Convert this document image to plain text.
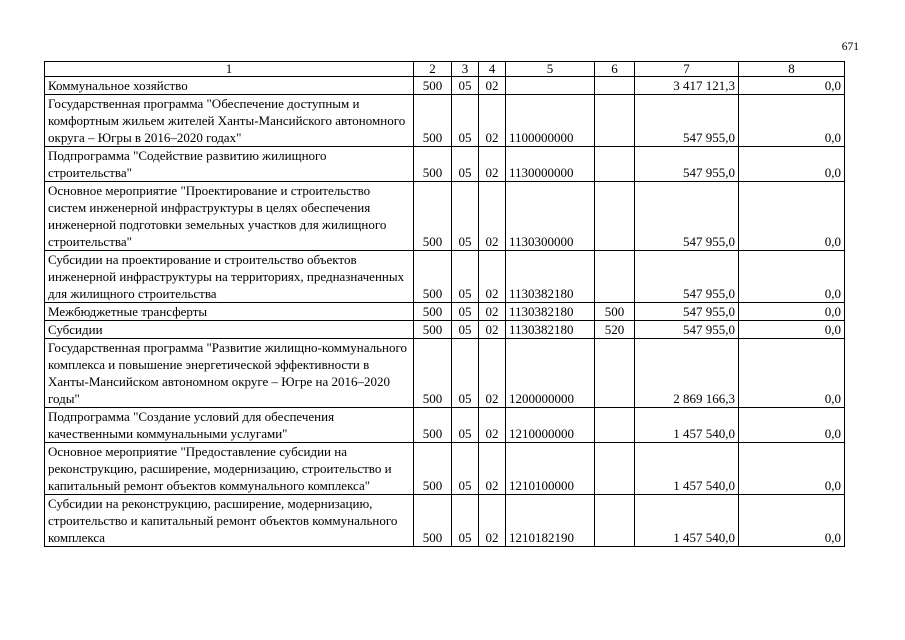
671
1	2	3	4	5	6	7	8
Коммунальное хозяйство	500	05	02			3 417 121,3	0,0
Государственная программа "Обеспечение доступным и комфортным жильем жителей Ханты-Мансийского автономного округа – Югры в 2016–2020 годах"	500	05	02	1100000000		547 955,0	0,0
Подпрограмма "Содействие развитию жилищного строительства"	500	05	02	1130000000		547 955,0	0,0
Основное мероприятие "Проектирование и строительство систем инженерной инфраструктуры в целях обеспечения инженерной подготовки земельных участков для жилищного строительства"	500	05	02	1130300000		547 955,0	0,0
Субсидии на проектирование и строительство объектов инженерной инфраструктуры на территориях, предназначенных для жилищного строительства	500	05	02	1130382180		547 955,0	0,0
Межбюджетные трансферты	500	05	02	1130382180	500	547 955,0	0,0
Субсидии	500	05	02	1130382180	520	547 955,0	0,0
Государственная программа "Развитие жилищно-коммунального комплекса и повышение энергетической эффективности в Ханты-Мансийском автономном округе – Югре на 2016–2020 годы"	500	05	02	1200000000		2 869 166,3	0,0
Подпрограмма "Создание условий для обеспечения качественными коммунальными услугами"	500	05	02	1210000000		1 457 540,0	0,0
Основное мероприятие "Предоставление субсидии на реконструкцию, расширение, модернизацию, строительство и капитальный ремонт объектов коммунального комплекса"	500	05	02	1210100000		1 457 540,0	0,0
Субсидии на реконструкцию, расширение, модернизацию, строительство и капитальный ремонт объектов коммунального комплекса	500	05	02	1210182190		1 457 540,0	0,0
